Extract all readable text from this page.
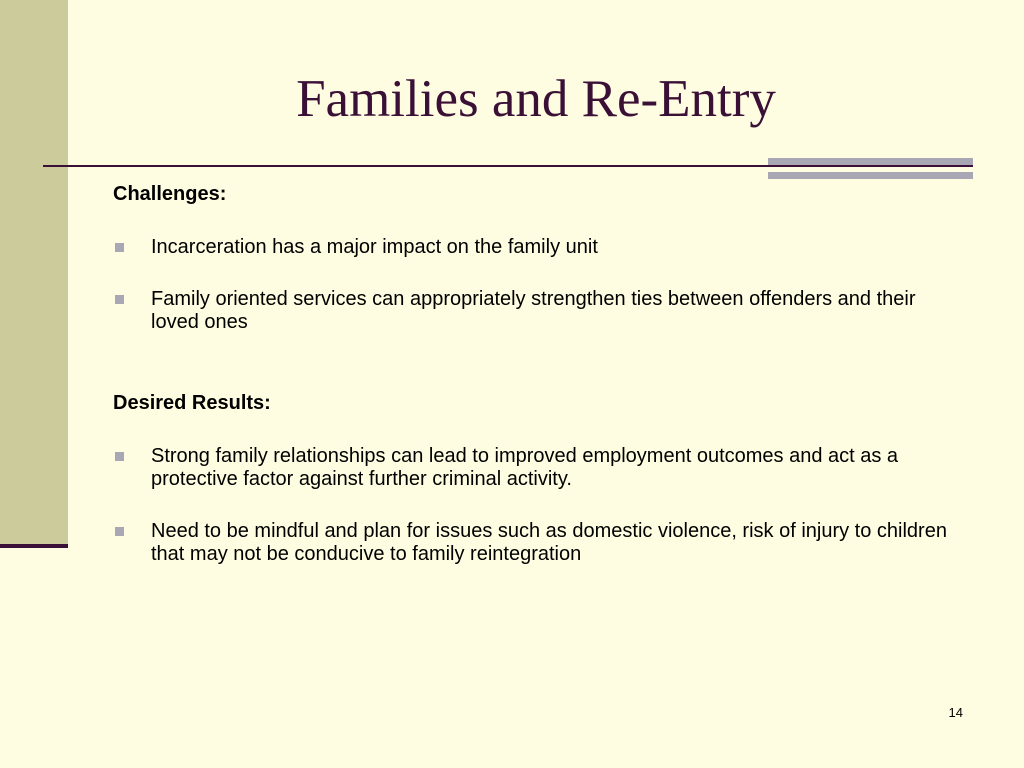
Families and Re-Entry

Challenges:

Incarceration has a major impact on the family unit
Family oriented services can appropriately strengthen ties between offenders and their loved ones

Desired Results:

Strong family relationships can lead to improved employment outcomes and act as a protective factor against further criminal activity.
Need to be mindful and plan for issues such as domestic violence, risk of injury to children that may not be conducive to family reintegration
14
